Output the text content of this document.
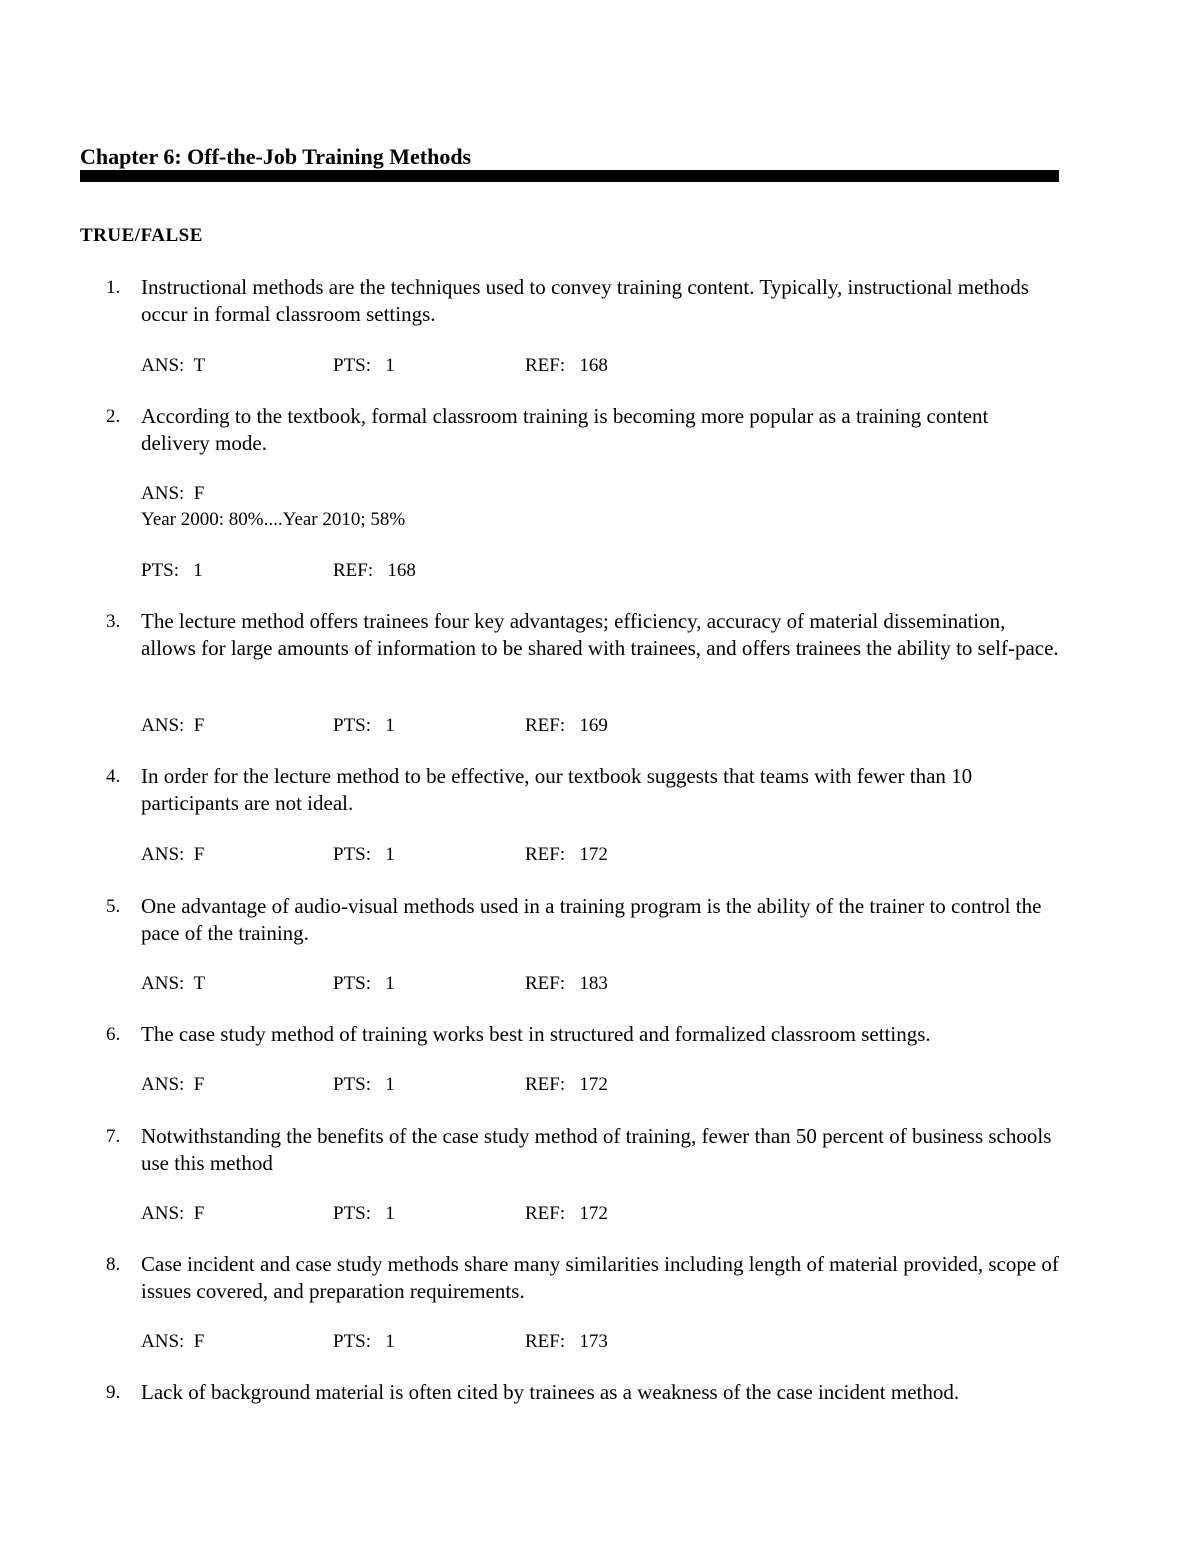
Chapter 6: Off-the-Job Training Methods
TRUE/FALSE
1. Instructional methods are the techniques used to convey training content. Typically, instructional methods occur in formal classroom settings.
ANS:  T	PTS:   1	REF:   168
2. According to the textbook, formal classroom training is becoming more popular as a training content delivery mode.
ANS:  F
Year 2000: 80%....Year 2010; 58%
PTS:   1	REF:   168
3. The lecture method offers trainees four key advantages; efficiency, accuracy of material dissemination, allows for large amounts of information to be shared with trainees, and offers trainees the ability to self-pace.
ANS:  F	PTS:   1	REF:   169
4. In order for the lecture method to be effective, our textbook suggests that teams with fewer than 10 participants are not ideal.
ANS:  F	PTS:   1	REF:   172
5. One advantage of audio-visual methods used in a training program is the ability of the trainer to control the pace of the training.
ANS:  T	PTS:   1	REF:   183
6. The case study method of training works best in structured and formalized classroom settings.
ANS:  F	PTS:   1	REF:   172
7. Notwithstanding the benefits of the case study method of training, fewer than 50 percent of business schools use this method
ANS:  F	PTS:   1	REF:   172
8. Case incident and case study methods share many similarities including length of material provided, scope of issues covered, and preparation requirements.
ANS:  F	PTS:   1	REF:   173
9. Lack of background material is often cited by trainees as a weakness of the case incident method.
